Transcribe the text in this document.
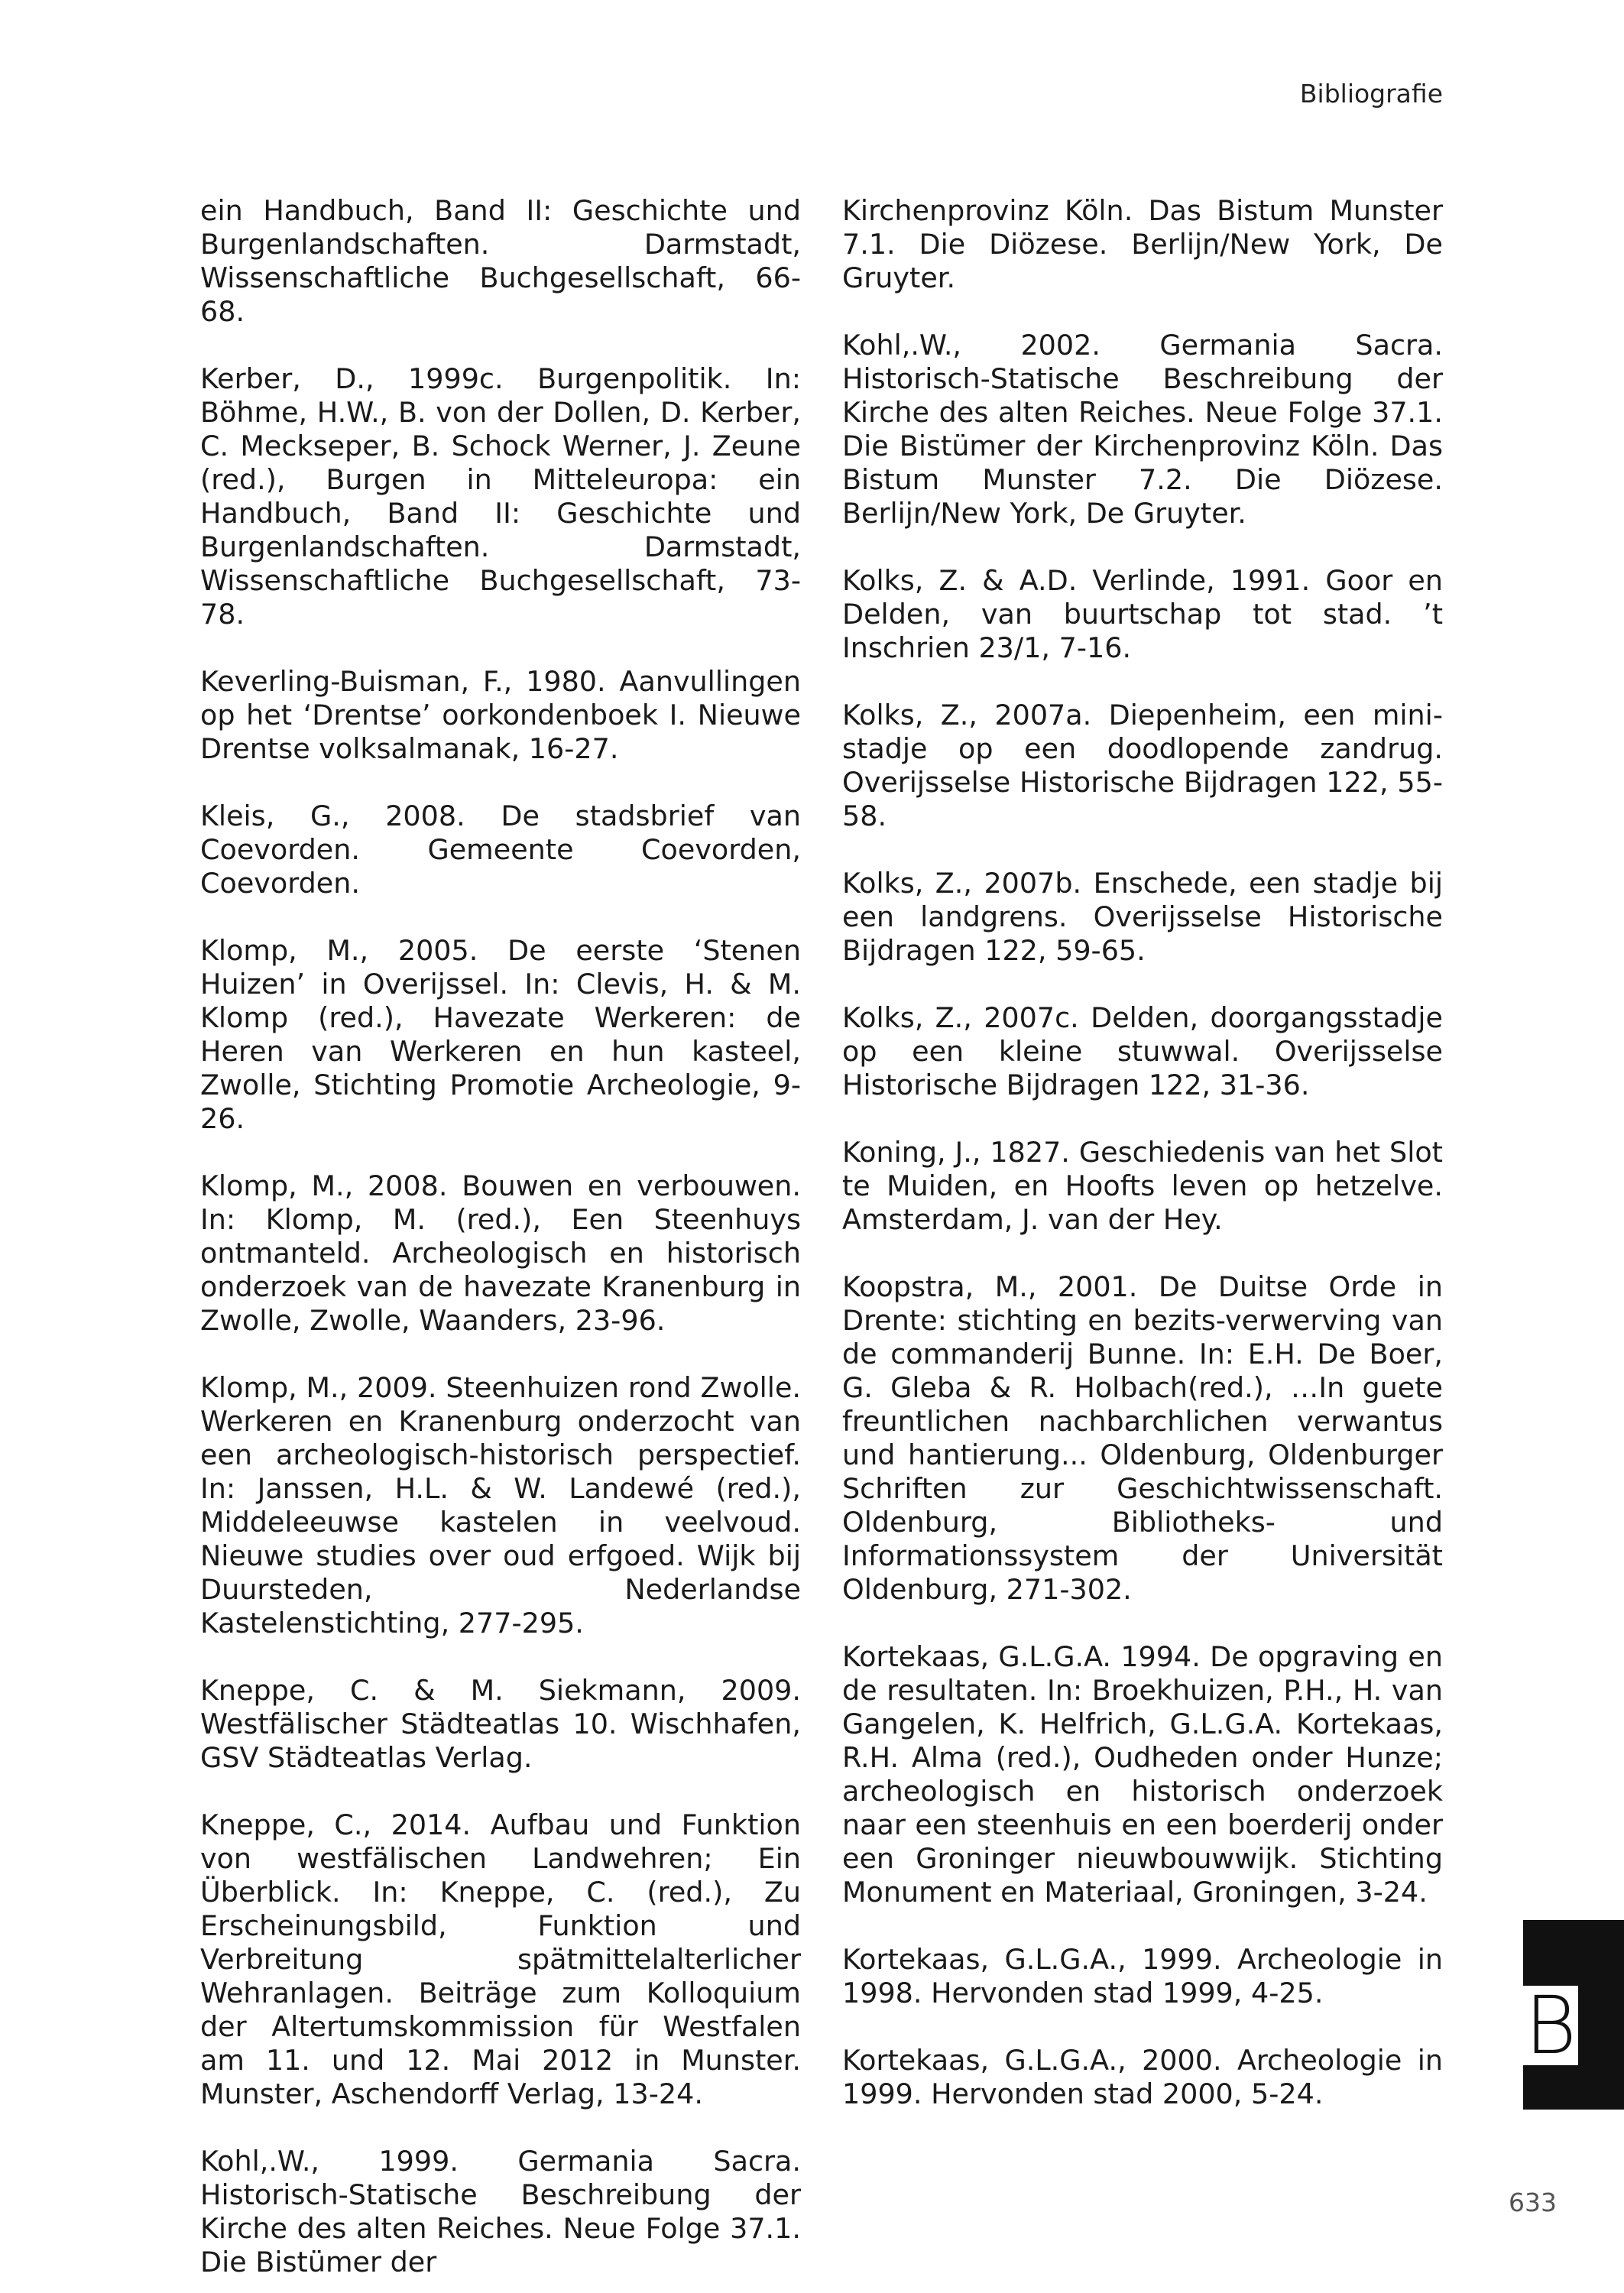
Bibliografie

ein Handbuch, Band II: Geschichte und Burgenlandschaften. Darmstadt, Wissenschaftliche Buchgesellschaft, 66-68.

Kerber, D., 1999c. Burgenpolitik. In: Böhme, H.W., B. von der Dollen, D. Kerber, C. Meckseper, B. Schock Werner, J. Zeune (red.), Burgen in Mitteleuropa: ein Handbuch, Band II: Geschichte und Burgenlandschaften. Darmstadt, Wissenschaftliche Buchgesellschaft, 73-78.

Keverling-Buisman, F., 1980. Aanvullingen op het ‘Drentse’ oorkondenboek I. Nieuwe Drentse volksalmanak, 16-27.

Kleis, G., 2008. De stadsbrief van Coevorden. Gemeente Coevorden, Coevorden.

Klomp, M., 2005. De eerste ‘Stenen Huizen’ in Overijssel. In: Clevis, H. & M. Klomp (red.), Havezate Werkeren: de Heren van Werkeren en hun kasteel, Zwolle, Stichting Promotie Archeologie, 9-26.

Klomp, M., 2008. Bouwen en verbouwen. In: Klomp, M. (red.), Een Steenhuys ontmanteld. Archeologisch en historisch onderzoek van de havezate Kranenburg in Zwolle, Zwolle, Waanders, 23-96.

Klomp, M., 2009. Steenhuizen rond Zwolle. Werkeren en Kranenburg onderzocht van een archeologisch-historisch perspectief. In: Janssen, H.L. & W. Landewé (red.), Middeleeuwse kastelen in veelvoud. Nieuwe studies over oud erfgoed. Wijk bij Duursteden, Nederlandse Kastelenstichting, 277-295.

Kneppe, C. & M. Siekmann, 2009. Westfälischer Städteatlas 10. Wischhafen, GSV Städteatlas Verlag.

Kneppe, C., 2014. Aufbau und Funktion von westfälischen Landwehren; Ein Überblick. In: Kneppe, C. (red.), Zu Erscheinungsbild, Funktion und Verbreitung spätmittelalterlicher Wehranlagen. Beiträge zum Kolloquium der Altertumskommission für Westfalen am 11. und 12. Mai 2012 in Munster. Munster, Aschendorff Verlag, 13-24.

Kohl,.W., 1999. Germania Sacra. Historisch-Statische Beschreibung der Kirche des alten Reiches. Neue Folge 37.1. Die Bistümer der

Kirchenprovinz Köln. Das Bistum Munster 7.1. Die Diözese. Berlijn/New York, De Gruyter.

Kohl,.W., 2002. Germania Sacra. Historisch-Statische Beschreibung der Kirche des alten Reiches. Neue Folge 37.1. Die Bistümer der Kirchenprovinz Köln. Das Bistum Munster 7.2. Die Diözese. Berlijn/New York, De Gruyter.

Kolks, Z. & A.D. Verlinde, 1991. Goor en Delden, van buurtschap tot stad. ’t Inschrien 23/1, 7-16.

Kolks, Z., 2007a. Diepenheim, een mini-stadje op een doodlopende zandrug. Overijsselse Historische Bijdragen 122, 55-58.

Kolks, Z., 2007b. Enschede, een stadje bij een landgrens. Overijsselse Historische Bijdragen 122, 59-65.

Kolks, Z., 2007c. Delden, doorgangsstadje op een kleine stuwwal. Overijsselse Historische Bijdragen 122, 31-36.

Koning, J., 1827. Geschiedenis van het Slot te Muiden, en Hoofts leven op hetzelve. Amsterdam, J. van der Hey.

Koopstra, M., 2001. De Duitse Orde in Drente: stichting en bezits-verwerving van de commanderij Bunne. In: E.H. De Boer, G. Gleba & R. Holbach(red.), …In guete freuntlichen nachbarchlichen verwantus und hantierung... Oldenburg, Oldenburger Schriften zur Geschichtwissenschaft. Oldenburg, Bibliotheks- und Informationssystem der Universität Oldenburg, 271-302.

Kortekaas, G.L.G.A. 1994. De opgraving en de resultaten. In: Broekhuizen, P.H., H. van Gangelen, K. Helfrich, G.L.G.A. Kortekaas, R.H. Alma (red.), Oudheden onder Hunze; archeologisch en historisch onderzoek naar een steenhuis en een boerderij onder een Groninger nieuwbouwwijk. Stichting Monument en Materiaal, Groningen, 3-24.

Kortekaas, G.L.G.A., 1999. Archeologie in 1998. Hervonden stad 1999, 4-25.

Kortekaas, G.L.G.A., 2000. Archeologie in 1999. Hervonden stad 2000, 5-24.

B
633
